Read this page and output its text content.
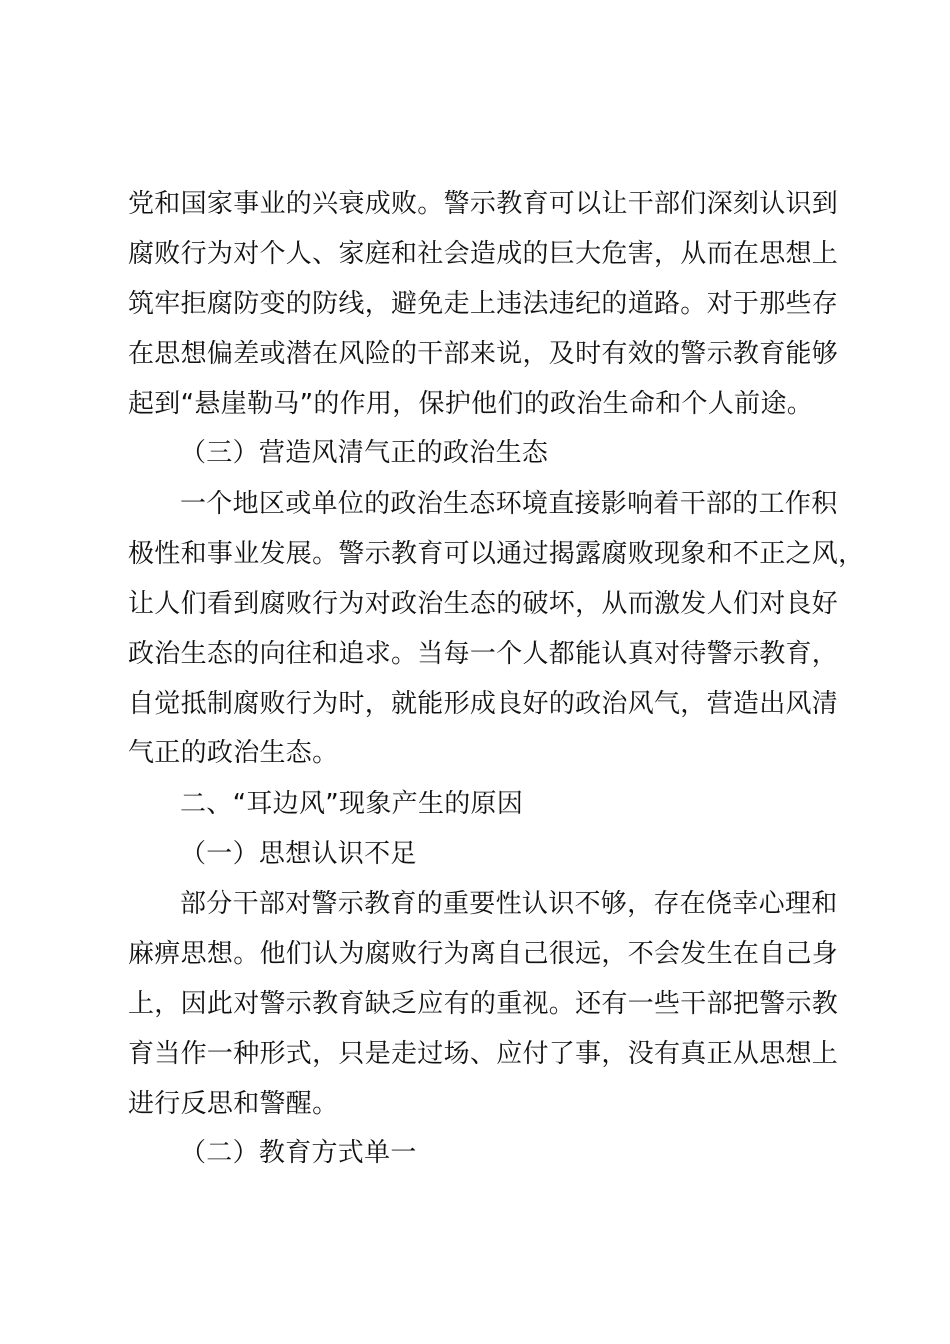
党和国家事业的兴衰成败。警示教育可以让干部们深刻认识到
腐败行为对个人、家庭和社会造成的巨大危害，从而在思想上
筑牢拒腐防变的防线，避免走上违法违纪的道路。对于那些存
在思想偏差或潜在风险的干部来说，及时有效的警示教育能够
起到“悬崖勒马”的作用，保护他们的政治生命和个人前途。
（三）营造风清气正的政治生态
一个地区或单位的政治生态环境直接影响着干部的工作积
极性和事业发展。警示教育可以通过揭露腐败现象和不正之风，
让人们看到腐败行为对政治生态的破坏，从而激发人们对良好
政治生态的向往和追求。当每一个人都能认真对待警示教育，
自觉抵制腐败行为时，就能形成良好的政治风气，营造出风清
气正的政治生态。
二、“耳边风”现象产生的原因
（一）思想认识不足
部分干部对警示教育的重要性认识不够，存在侥幸心理和
麻痹思想。他们认为腐败行为离自己很远，不会发生在自己身
上，因此对警示教育缺乏应有的重视。还有一些干部把警示教
育当作一种形式，只是走过场、应付了事，没有真正从思想上
进行反思和警醒。
（二）教育方式单一
